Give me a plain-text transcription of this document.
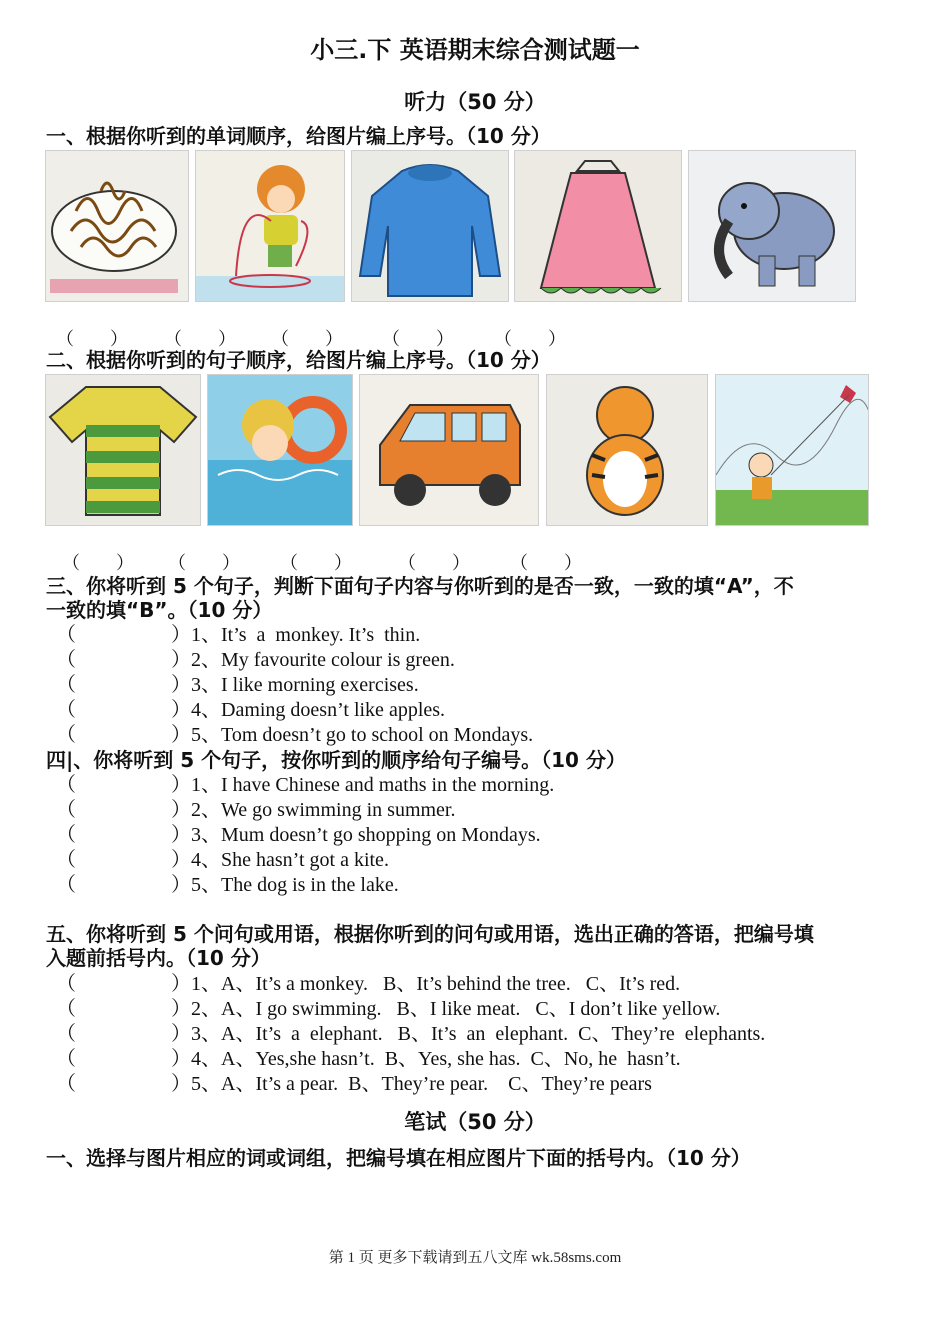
小三.下 英语期末综合测试题一
听力（50 分）
一、根据你听到的单词顺序，给图片编上序号。（10 分）
（　　） （　　） （　　） （　　） （　　）
二、根据你听到的句子顺序，给图片编上序号。（10 分）
（　　） （　　） （　　）	（　　） （　　）
三、你将听到 5 个句子，判断下面句子内容与你听到的是否一致，一致的填“A”，不
一致的填“B”。（10 分）
（	）1、It’s  a  monkey. It’s  thin.
（	）2、My favourite colour is green.
（	）3、I like morning exercises.
（	）4、Daming doesn’t like apples.
（	）5、Tom doesn’t go to school on Mondays.
四|、你将听到 5 个句子，按你听到的顺序给句子编号。（10 分）
（	）1、I have Chinese and maths in the morning.
（	）2、We go swimming in summer.
（	）3、Mum doesn’t go shopping on Mondays.
（	）4、She hasn’t got a kite.
（	）5、The dog is in the lake.
五、你将听到 5 个问句或用语，根据你听到的问句或用语，选出正确的答语，把编号填
入题前括号内。（10 分）
（	）1、A、It’s a monkey.   B、It’s behind the tree.   C、It’s red.
（	）2、A、I go swimming.   B、I like meat.   C、I don’t like yellow.
（	）3、A、It’s  a  elephant.   B、It’s  an  elephant.  C、They’re  elephants.
（	）4、A、Yes,she hasn’t.  B、Yes, she has.  C、No, he  hasn’t.
（	）5、A、It’s a pear.  B、They’re pear.    C、They’re pears
笔试（50 分）
一、选择与图片相应的词或词组，把编号填在相应图片下面的括号内。（10 分）
第 1 页 更多下载请到五八文库 wk.58sms.com
